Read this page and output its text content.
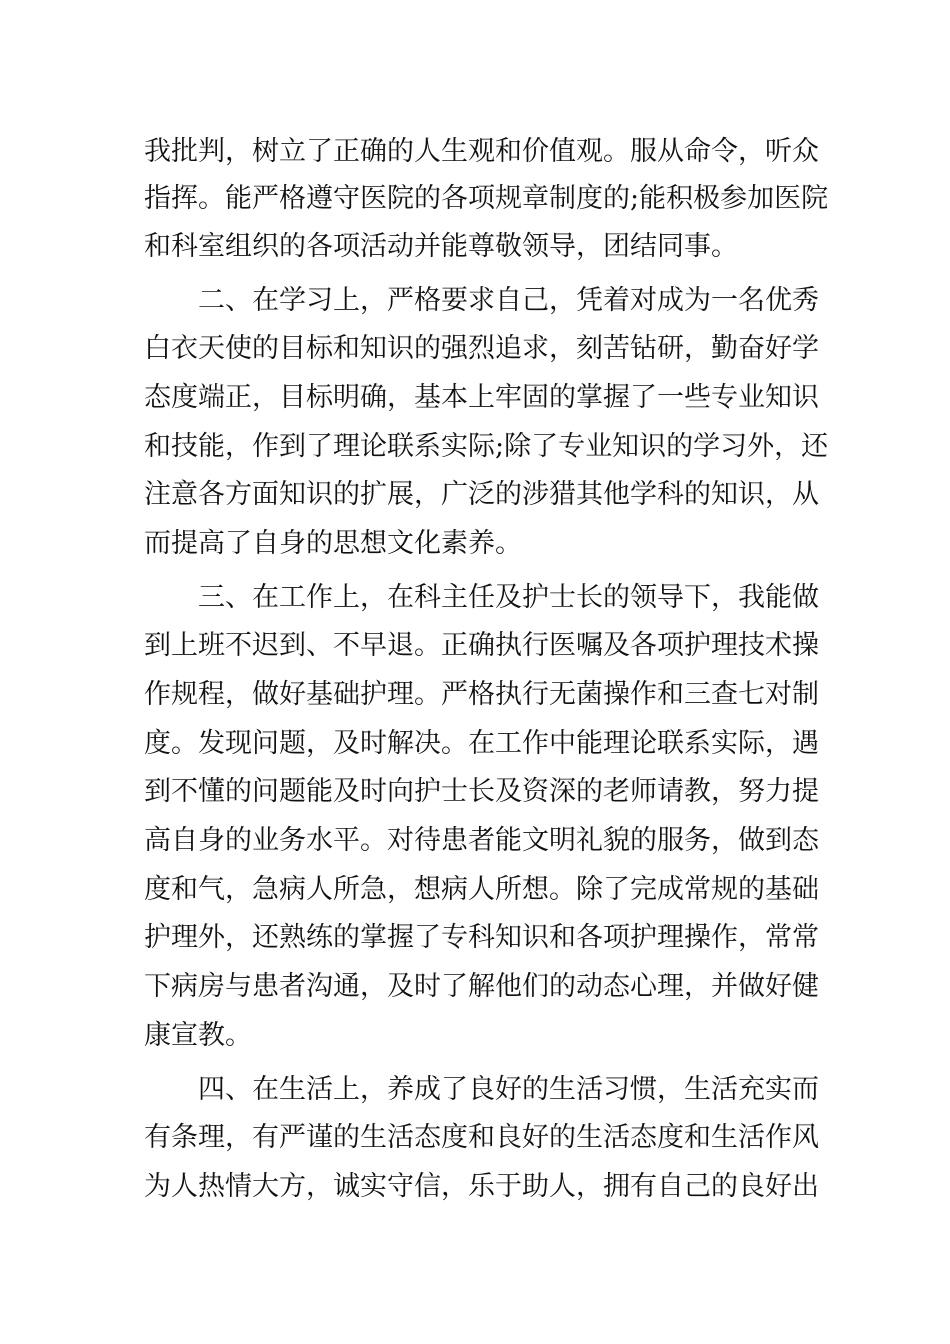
我批判，树立了正确的人生观和价值观。服从命令，听众
指挥。能严格遵守医院的各项规章制度的;能积极参加医院
和科室组织的各项活动并能尊敬领导，团结同事。
二、在学习上，严格要求自己，凭着对成为一名优秀
白衣天使的目标和知识的强烈追求，刻苦钻研，勤奋好学
态度端正，目标明确，基本上牢固的掌握了一些专业知识
和技能，作到了理论联系实际;除了专业知识的学习外，还
注意各方面知识的扩展，广泛的涉猎其他学科的知识，从
而提高了自身的思想文化素养。
三、在工作上，在科主任及护士长的领导下，我能做
到上班不迟到、不早退。正确执行医嘱及各项护理技术操
作规程，做好基础护理。严格执行无菌操作和三查七对制
度。发现问题，及时解决。在工作中能理论联系实际，遇
到不懂的问题能及时向护士长及资深的老师请教，努力提
高自身的业务水平。对待患者能文明礼貌的服务，做到态
度和气，急病人所急，想病人所想。除了完成常规的基础
护理外，还熟练的掌握了专科知识和各项护理操作，常常
下病房与患者沟通，及时了解他们的动态心理，并做好健
康宣教。
四、在生活上，养成了良好的生活习惯，生活充实而
有条理，有严谨的生活态度和良好的生活态度和生活作风
为人热情大方，诚实守信，乐于助人，拥有自己的良好出
